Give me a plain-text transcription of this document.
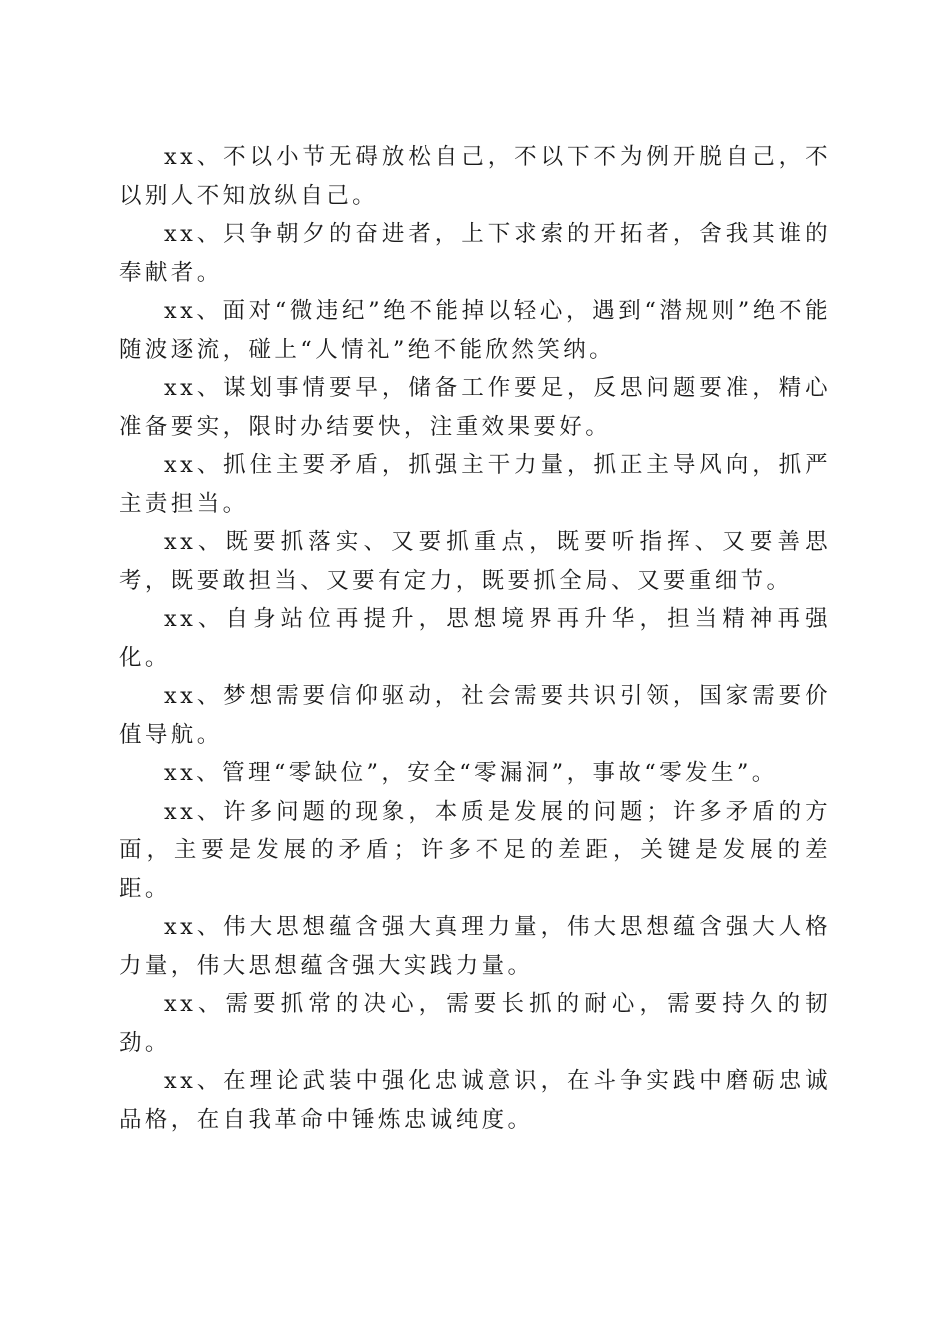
xx、不以小节无碍放松自己，不以下不为例开脱自己，不以别人不知放纵自己。

xx、只争朝夕的奋进者，上下求索的开拓者，舍我其谁的奉献者。

xx、面对“微违纪”绝不能掉以轻心，遇到“潜规则”绝不能随波逐流，碰上“人情礼”绝不能欣然笑纳。

xx、谋划事情要早，储备工作要足，反思问题要准，精心准备要实，限时办结要快，注重效果要好。

xx、抓住主要矛盾，抓强主干力量，抓正主导风向，抓严主责担当。

xx、既要抓落实、又要抓重点，既要听指挥、又要善思考，既要敢担当、又要有定力，既要抓全局、又要重细节。

xx、自身站位再提升，思想境界再升华，担当精神再强化。

xx、梦想需要信仰驱动，社会需要共识引领，国家需要价值导航。

xx、管理“零缺位”，安全“零漏洞”，事故“零发生”。

xx、许多问题的现象，本质是发展的问题；许多矛盾的方面，主要是发展的矛盾；许多不足的差距，关键是发展的差距。

xx、伟大思想蕴含强大真理力量，伟大思想蕴含强大人格力量，伟大思想蕴含强大实践力量。

xx、需要抓常的决心，需要长抓的耐心，需要持久的韧劲。

xx、在理论武装中强化忠诚意识，在斗争实践中磨砺忠诚品格，在自我革命中锤炼忠诚纯度。
